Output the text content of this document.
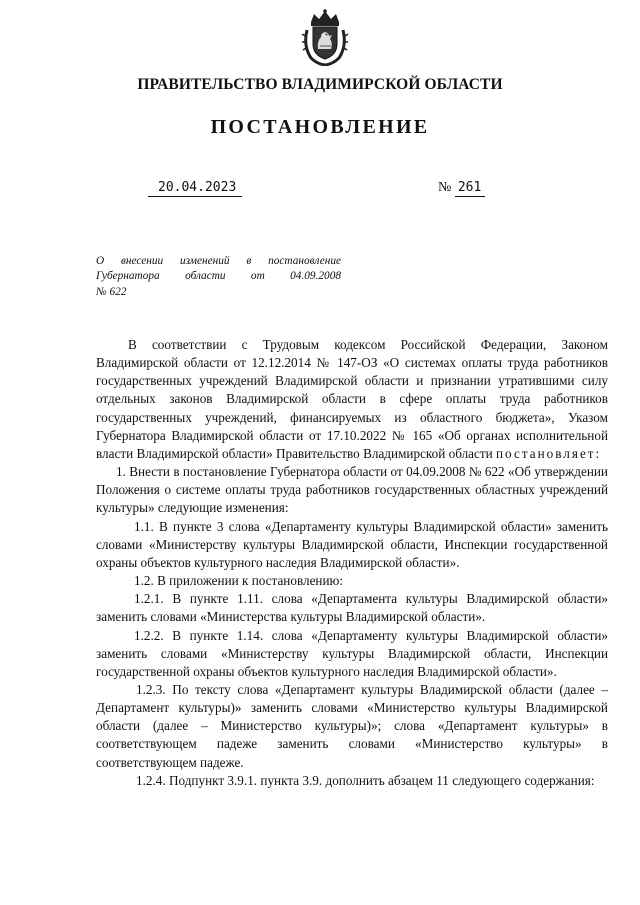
ПРАВИТЕЛЬСТВО ВЛАДИМИРСКОЙ ОБЛАСТИ
ПОСТАНОВЛЕНИЕ
20.04.2023	№ 261
О внесении изменений в постановление
Губернатора области от 04.09.2008
№ 622

В соответствии с Трудовым кодексом Российской Федерации, Законом Владимирской области от 12.12.2014 № 147-ОЗ «О системах оплаты труда работников государственных учреждений Владимирской области и признании утратившими силу отдельных законов Владимирской области в сфере оплаты труда работников государственных учреждений, финансируемых из областного бюджета», Указом Губернатора Владимирской области от 17.10.2022 № 165 «Об органах исполнительной власти Владимирской области» Правительство Владимирской области постановляет:

1. Внести в постановление Губернатора области от 04.09.2008 № 622 «Об утверждении Положения о системе оплаты труда работников государственных областных учреждений культуры» следующие изменения:

1.1. В пункте 3 слова «Департаменту культуры Владимирской области» заменить словами «Министерству культуры Владимирской области, Инспекции государственной охраны объектов культурного наследия Владимирской области».

1.2. В приложении к постановлению:

1.2.1. В пункте 1.11. слова «Департамента культуры Владимирской области» заменить словами «Министерства культуры Владимирской области».

1.2.2. В пункте 1.14. слова «Департаменту культуры Владимирской области» заменить словами «Министерству культуры Владимирской области, Инспекции государственной охраны объектов культурного наследия Владимирской области».

1.2.3. По тексту слова «Департамент культуры Владимирской области (далее – Департамент культуры)» заменить словами «Министерство культуры Владимирской области (далее – Министерство культуры)»; слова «Департамент культуры» в соответствующем падеже заменить словами «Министерство культуры» в соответствующем падеже.

1.2.4. Подпункт 3.9.1. пункта 3.9. дополнить абзацем 11 следующего содержания:
